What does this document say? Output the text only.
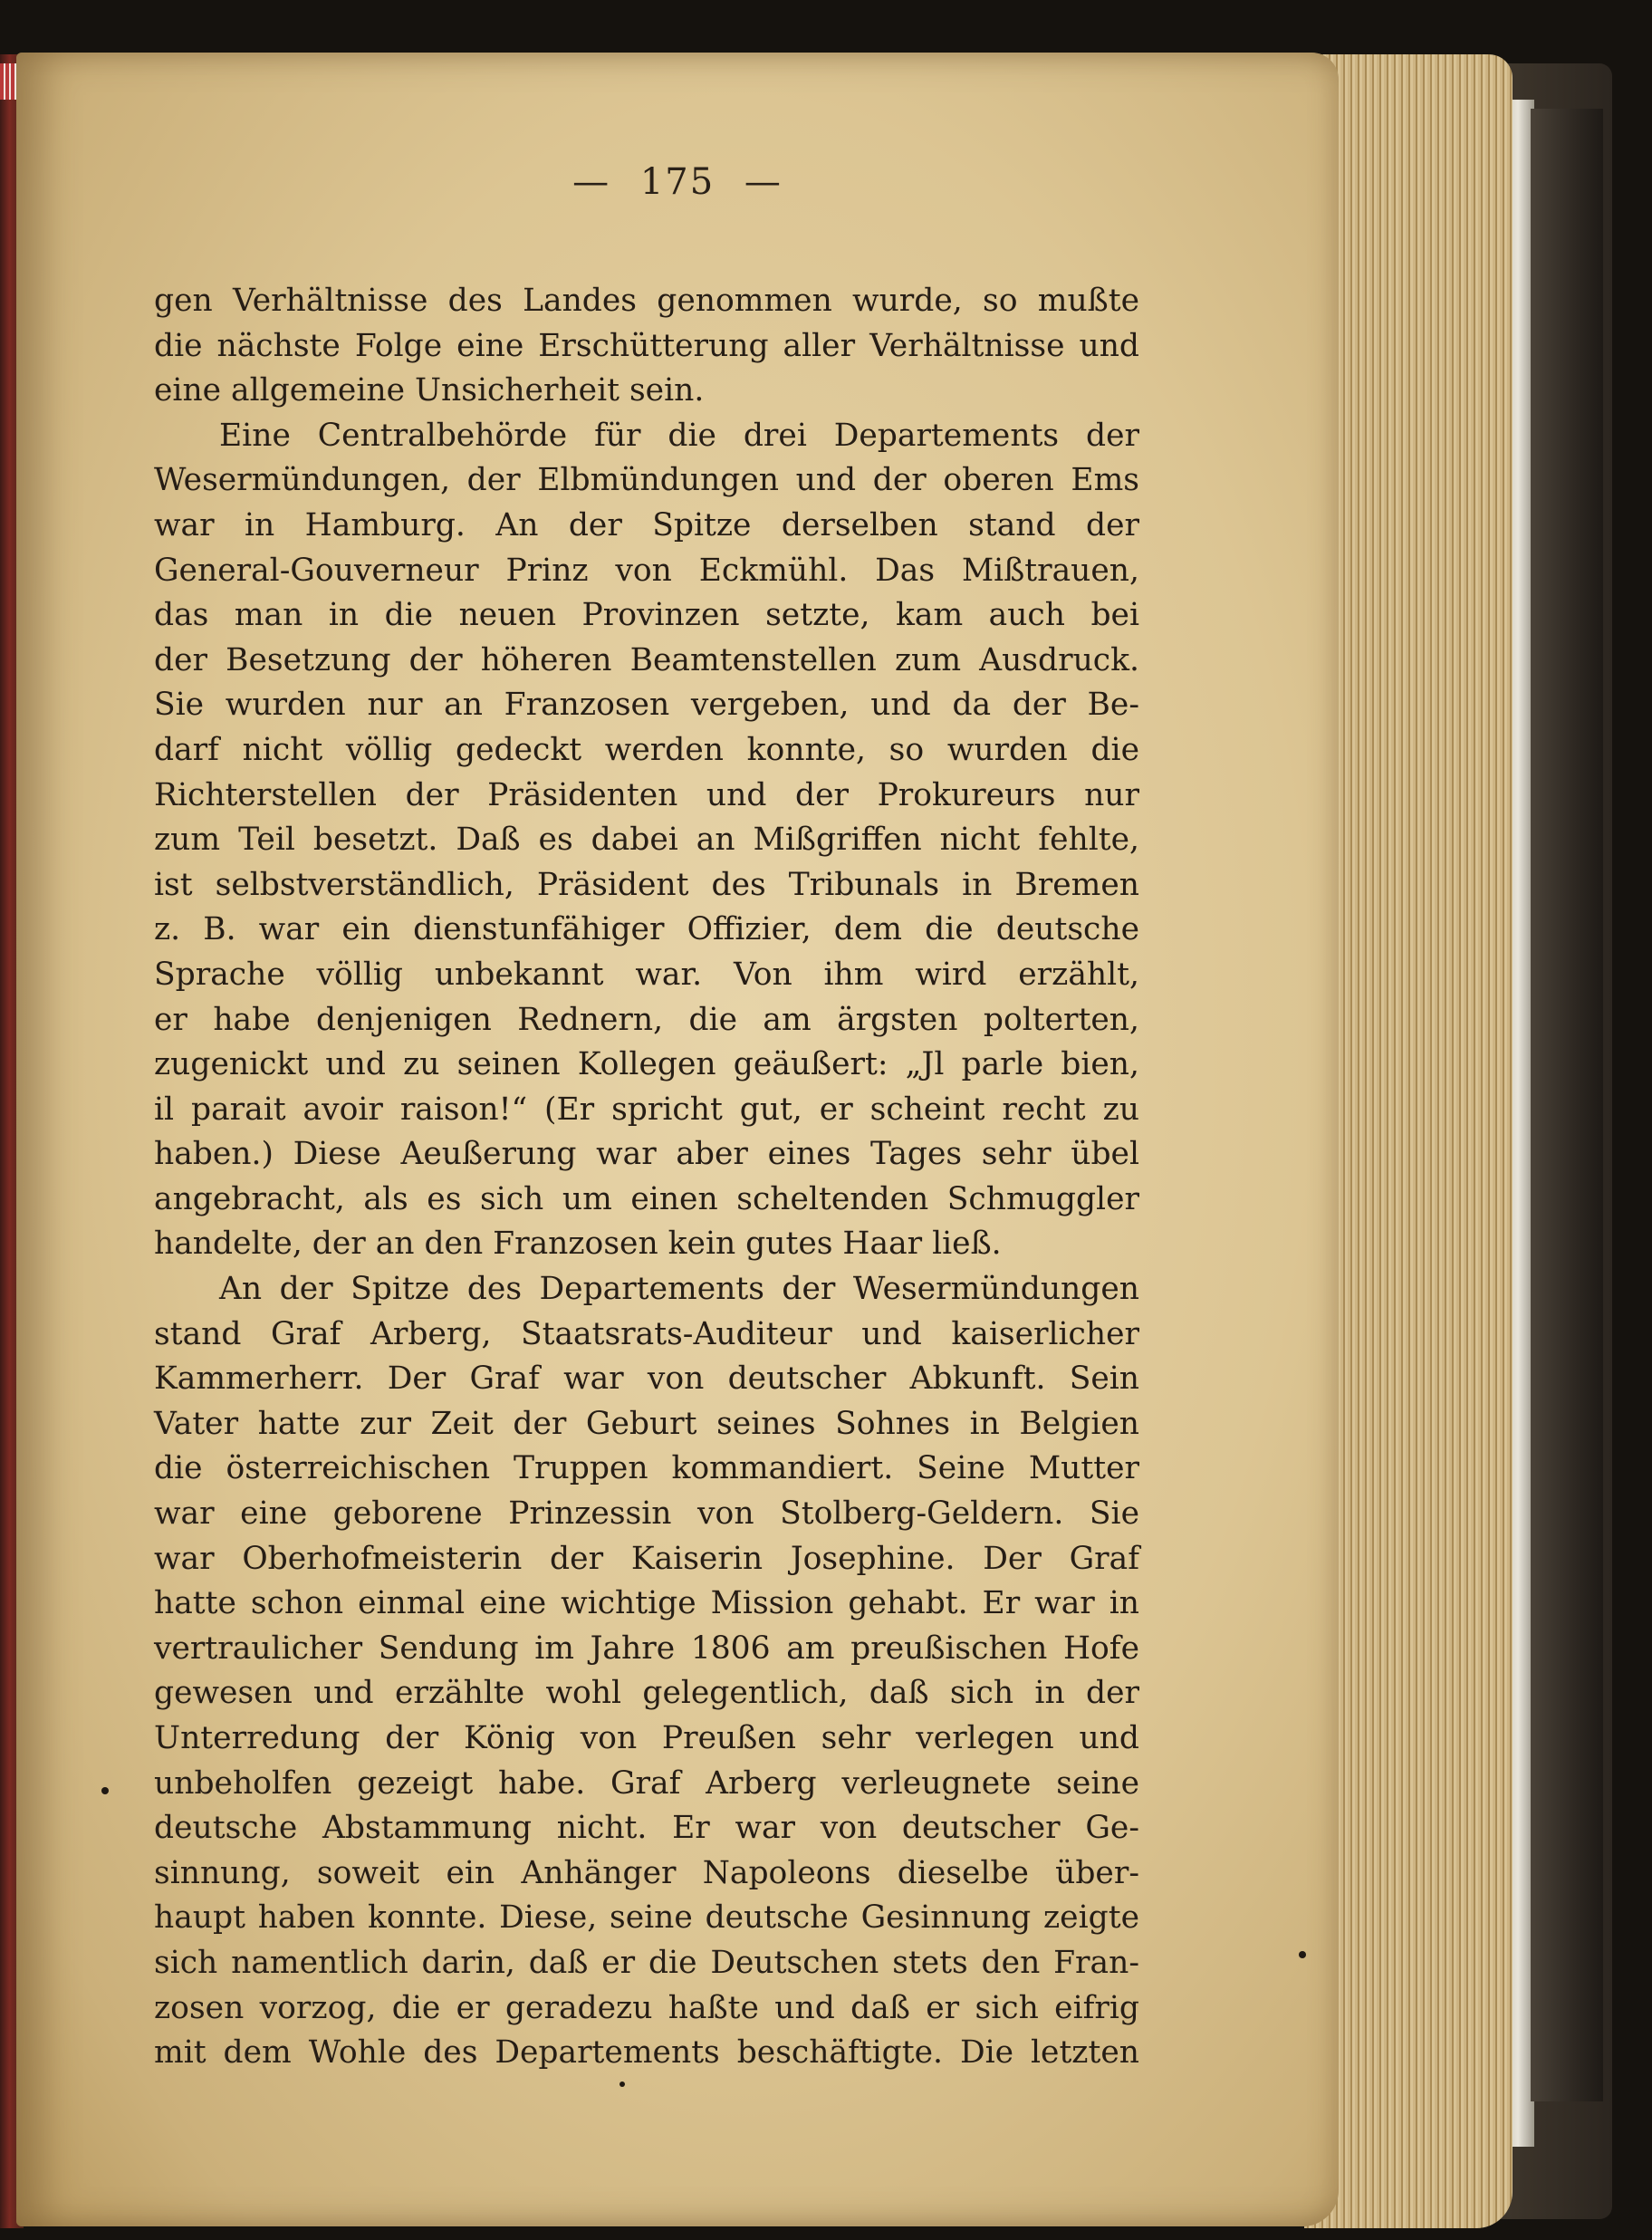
— 175 —
gen Verhältnisse des Landes genommen wurde, so mußte
die nächste Folge eine Erschütterung aller Verhältnisse und
eine allgemeine Unsicherheit sein.
Eine Centralbehörde für die drei Departements der
Wesermündungen, der Elbmündungen und der oberen Ems
war in Hamburg. An der Spitze derselben stand der
General-Gouverneur Prinz von Eckmühl. Das Mißtrauen,
das man in die neuen Provinzen setzte, kam auch bei
der Besetzung der höheren Beamtenstellen zum Ausdruck.
Sie wurden nur an Franzosen vergeben, und da der Be-
darf nicht völlig gedeckt werden konnte, so wurden die
Richterstellen der Präsidenten und der Prokureurs nur
zum Teil besetzt. Daß es dabei an Mißgriffen nicht fehlte,
ist selbstverständlich, Präsident des Tribunals in Bremen
z. B. war ein dienstunfähiger Offizier, dem die deutsche
Sprache völlig unbekannt war. Von ihm wird erzählt,
er habe denjenigen Rednern, die am ärgsten polterten,
zugenickt und zu seinen Kollegen geäußert: „Jl parle bien,
il parait avoir raison!“ (Er spricht gut, er scheint recht zu
haben.) Diese Aeußerung war aber eines Tages sehr übel
angebracht, als es sich um einen scheltenden Schmuggler
handelte, der an den Franzosen kein gutes Haar ließ.
An der Spitze des Departements der Wesermündungen
stand Graf Arberg, Staatsrats-Auditeur und kaiserlicher
Kammerherr. Der Graf war von deutscher Abkunft. Sein
Vater hatte zur Zeit der Geburt seines Sohnes in Belgien
die österreichischen Truppen kommandiert. Seine Mutter
war eine geborene Prinzessin von Stolberg-Geldern. Sie
war Oberhofmeisterin der Kaiserin Josephine. Der Graf
hatte schon einmal eine wichtige Mission gehabt. Er war in
vertraulicher Sendung im Jahre 1806 am preußischen Hofe
gewesen und erzählte wohl gelegentlich, daß sich in der
Unterredung der König von Preußen sehr verlegen und
unbeholfen gezeigt habe. Graf Arberg verleugnete seine
deutsche Abstammung nicht. Er war von deutscher Ge-
sinnung, soweit ein Anhänger Napoleons dieselbe über-
haupt haben konnte. Diese, seine deutsche Gesinnung zeigte
sich namentlich darin, daß er die Deutschen stets den Fran-
zosen vorzog, die er geradezu haßte und daß er sich eifrig
mit dem Wohle des Departements beschäftigte. Die letzten
